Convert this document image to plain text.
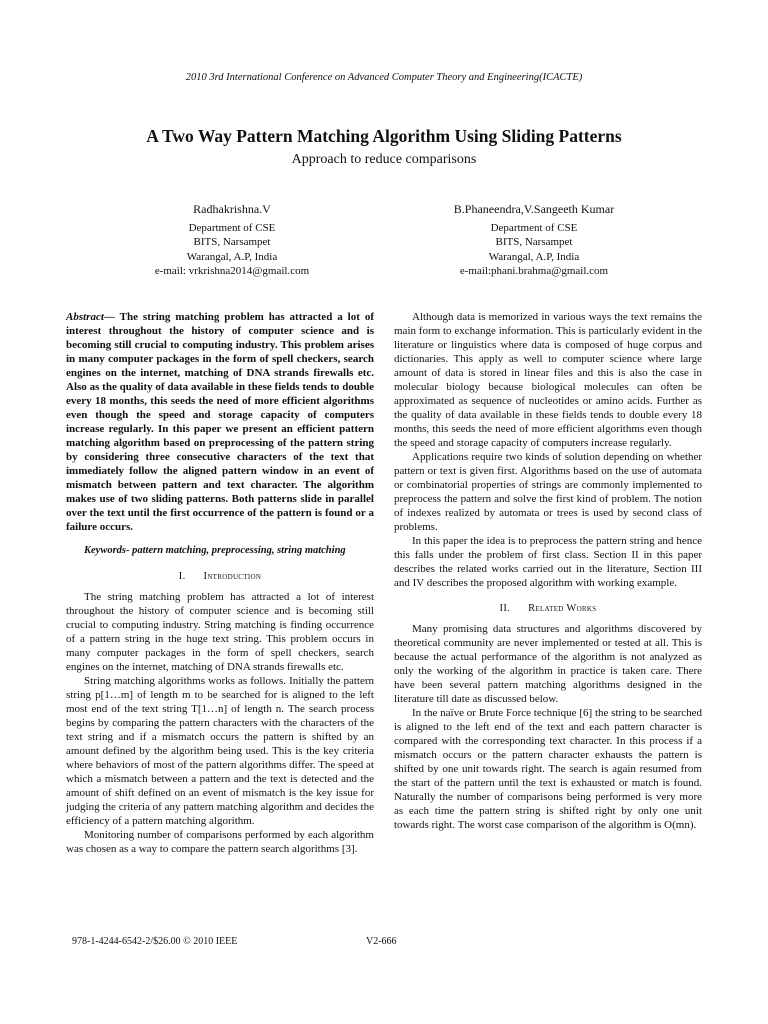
2010 3rd International Conference on Advanced Computer Theory and Engineering(ICACTE)
A Two Way Pattern Matching Algorithm Using Sliding Patterns
Approach to reduce comparisons
Radhakrishna.V
Department of CSE
BITS, Narsampet
Warangal, A.P, India
e-mail: vrkrishna2014@gmail.com
B.Phaneendra,V.Sangeeth Kumar
Department of CSE
BITS, Narsampet
Warangal, A.P, India
e-mail:phani.brahma@gmail.com

Abstract— The string matching problem has attracted a lot of interest throughout the history of computer science and is becoming still crucial to computing industry. This problem arises in many computer packages in the form of spell checkers, search engines on the internet, matching of DNA strands firewalls etc. Also as the quality of data available in these fields tends to double every 18 months, this seeds the need of more efficient algorithms even though the speed and storage capacity of computers increase regularly. In this paper we present an efficient pattern matching algorithm based on preprocessing of the pattern string by considering three consecutive characters of the text that immediately follow the aligned pattern window in an event of mismatch between pattern and text character. The algorithm makes use of two sliding patterns. Both patterns slide in parallel over the text until the first occurrence of the pattern is found or a failure occurs.

Keywords- pattern matching, preprocessing, string matching

I. Introduction

The string matching problem has attracted a lot of interest throughout the history of computer science and is becoming still crucial to computing industry. String matching is finding occurrence of a pattern string in the huge text string. This problem occurs in many computer packages in the form of spell checkers, search engines on the internet, matching of DNA strands firewalls etc.

String matching algorithms works as follows. Initially the pattern string p[1…m] of length m to be searched for is aligned to the left most end of the text string T[1…n] of length n. The search process begins by comparing the pattern characters with the characters of the text string and if a mismatch occurs the pattern is shifted by an amount defined by the algorithm being used. This is the key criteria where behaviors of most of the pattern algorithms differ. The speed at which a mismatch between a pattern and the text is detected and the amount of shift defined on an event of mismatch is the key issue for judging the criteria of any pattern matching algorithm and decides the efficiency of a pattern matching algorithm.

Monitoring number of comparisons performed by each algorithm was chosen as a way to compare the pattern search algorithms [3].

Although data is memorized in various ways the text remains the main form to exchange information. This is particularly evident in the literature or linguistics where data is composed of huge corpus and dictionaries. This apply as well to computer science where large amount of data is stored in linear files and this is also the case in molecular biology because biological molecules can often be approximated as sequence of nucleotides or amino acids. Further as the quality of data available in these fields tends to double every 18 months, this seeds the need of more efficient algorithms even though the speed and storage capacity of computers increase regularly.

Applications require two kinds of solution depending on whether pattern or text is given first. Algorithms based on the use of automata or combinatorial properties of strings are commonly implemented to preprocess the pattern and solve the first kind of problem. The notion of indexes realized by automata or trees is used by second class of problems.

In this paper the idea is to preprocess the pattern string and hence this falls under the problem of first class. Section II in this paper describes the related works carried out in the literature, Section III and IV describes the proposed algorithm with working example.

II. Related Works

Many promising data structures and algorithms discovered by theoretical community are never implemented or tested at all. This is because the actual performance of the algorithm is not analyzed as only the working of the algorithm in practice is taken care. There have been several pattern matching algorithms designed in the literature till date as discussed below.

In the naïve or Brute Force technique [6] the string to be searched is aligned to the left end of the text and each pattern character is compared with the corresponding text character. In this process if a mismatch occurs or the pattern character exhausts the pattern is shifted by one unit towards right. The search is again resumed from the start of the pattern until the text is exhausted or match is found. Naturally the number of comparisons being performed is very more as each time the pattern string is shifted right by only one unit towards right. The worst case comparison of the algorithm is O(mn).

978-1-4244-6542-2/$26.00 © 2010 IEEE	V2-666
